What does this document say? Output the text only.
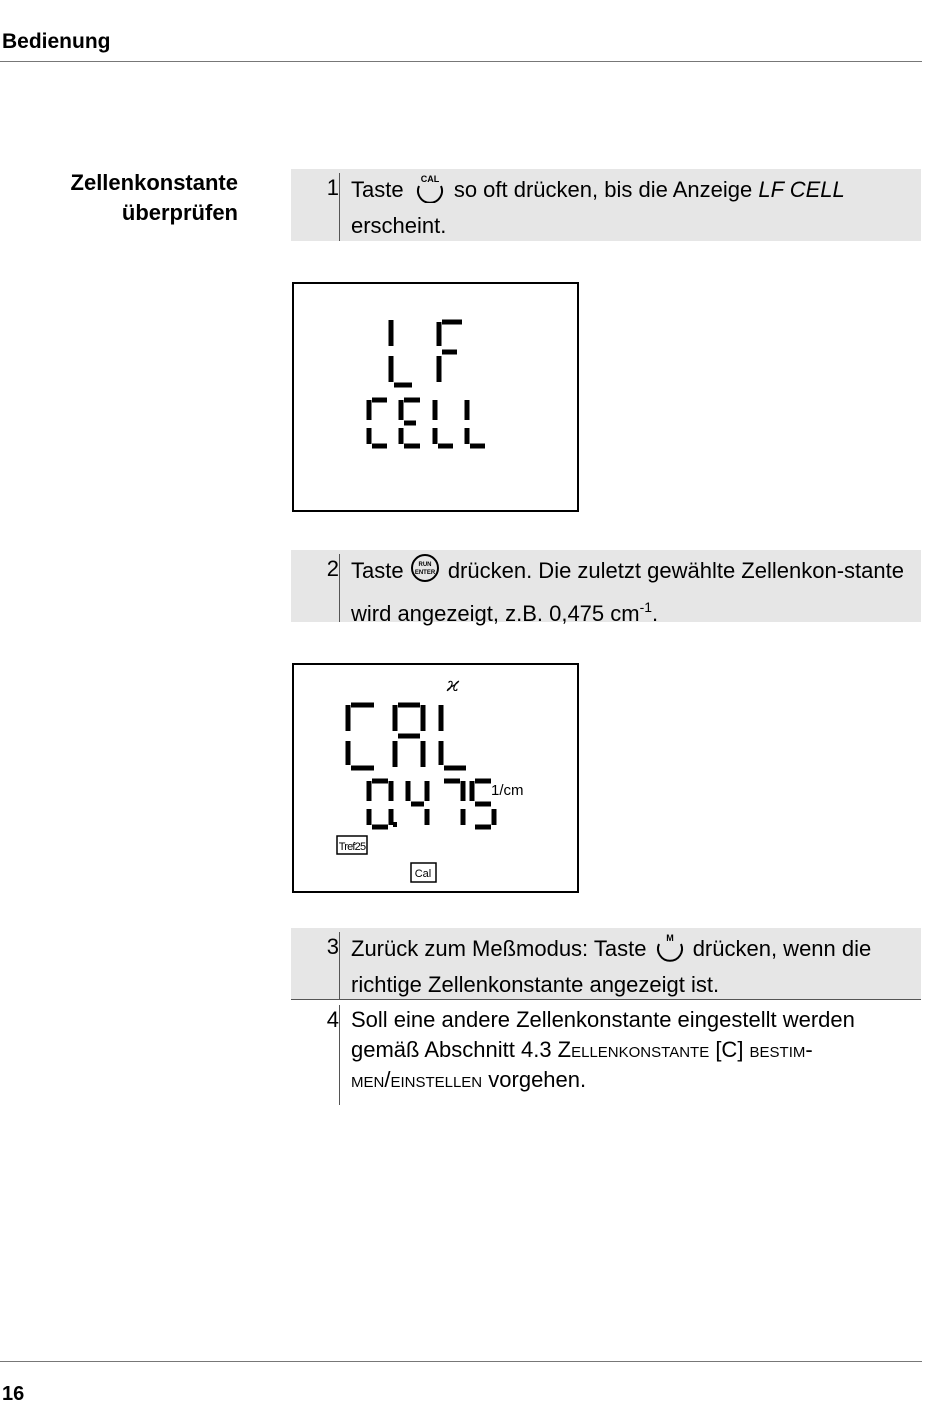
Bedienung
Zellenkonstante
überprüfen
1 Taste CAL so oft drücken, bis die Anzeige LF CELL erscheint.
2 Taste RUN
ENTER drücken. Die zuletzt gewählte Zellenkon-stante wird angezeigt, z.B. 0,475 $cm^{-1}$.
ϰ
1/cm
Tref25
Cal
3 Zurück zum Meßmodus: Taste M drücken, wenn die richtige Zellenkonstante angezeigt ist.
4 Soll eine andere Zellenkonstante eingestellt werden gemäß Abschnitt 4.3 Zellenkonstante [C] bestim-men/einstellen vorgehen.
16
